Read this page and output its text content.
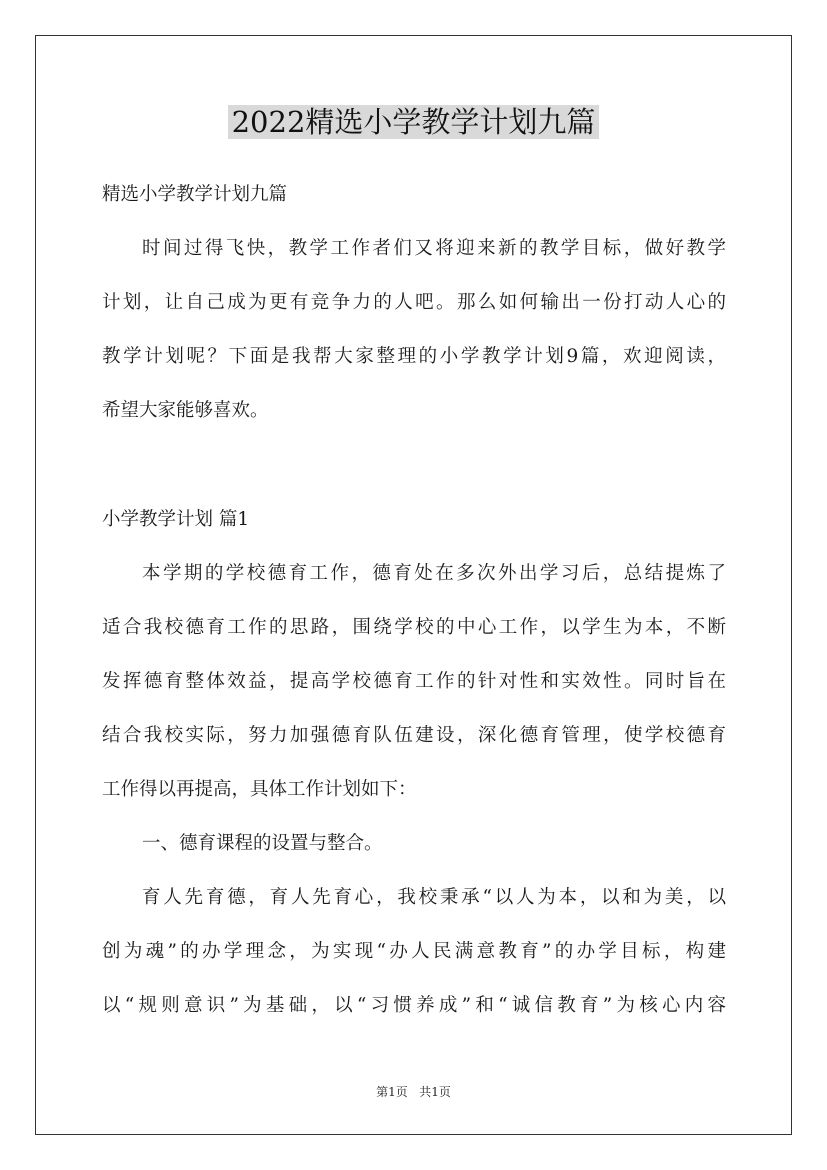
2022精选小学教学计划九篇
精选小学教学计划九篇
时间过得飞快，教学工作者们又将迎来新的教学目标，做好教学
计划，让自己成为更有竞争力的人吧。那么如何输出一份打动人心的
教学计划呢？下面是我帮大家整理的小学教学计划9篇，欢迎阅读，
希望大家能够喜欢。
小学教学计划 篇1
本学期的学校德育工作，德育处在多次外出学习后，总结提炼了
适合我校德育工作的思路，围绕学校的中心工作，以学生为本，不断
发挥德育整体效益，提高学校德育工作的针对性和实效性。同时旨在
结合我校实际，努力加强德育队伍建设，深化德育管理，使学校德育
工作得以再提高，具体工作计划如下：
一、德育课程的设置与整合。
育人先育德，育人先育心，我校秉承“以人为本，以和为美，以
创为魂”的办学理念，为实现“办人民满意教育”的办学目标，构建
以“规则意识”为基础，以“习惯养成”和“诚信教育”为核心内容
第1页 共1页
